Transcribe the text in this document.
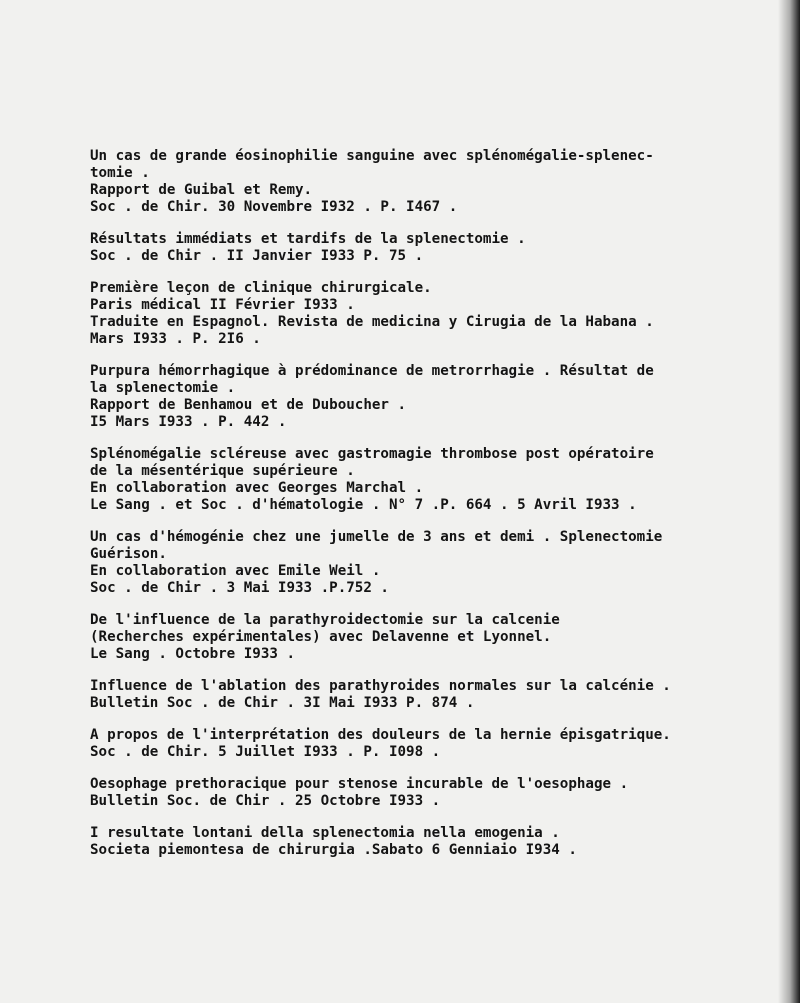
Un cas de grande éosinophilie sanguine avec splénomégalie-splenec-
tomie .
Rapport de Guibal et Remy.
Soc . de Chir. 30 Novembre I932 . P. I467 .
Résultats immédiats et tardifs de la splenectomie .
Soc . de Chir . II Janvier I933 P. 75 .
Première leçon de clinique chirurgicale.
Paris médical II Février I933 .
Traduite en Espagnol. Revista de medicina y Cirugia de la Habana .
Mars I933 . P. 2I6 .
Purpura hémorrhagique à prédominance de metrorrhagie . Résultat de
la splenectomie .
Rapport de Benhamou et de Duboucher .
I5 Mars I933 . P. 442 .
Splénomégalie scléreuse avec gastromagie thrombose post opératoire
de la mésentérique supérieure .
En collaboration avec Georges Marchal .
Le Sang . et Soc . d'hématologie . N° 7 .P. 664 . 5 Avril I933 .
Un cas d'hémogénie chez une jumelle de 3 ans et demi . Splenectomie
Guérison.
En collaboration avec Emile Weil .
Soc . de Chir . 3 Mai I933 .P.752 .
De l'influence de la parathyroidectomie sur la calcenie
(Recherches expérimentales) avec Delavenne et Lyonnel.
Le Sang . Octobre I933 .
Influence de l'ablation des parathyroides normales sur la calcénie .
Bulletin Soc . de Chir . 3I Mai I933 P. 874 .
A propos de l'interprétation des douleurs de la hernie épisgatrique.
Soc . de Chir. 5 Juillet I933 . P. I098 .
Oesophage prethoracique pour stenose incurable de l'oesophage .
Bulletin Soc. de Chir . 25 Octobre I933 .
I resultate lontani della splenectomia nella emogenia .
Societa piemontesa de chirurgia .Sabato 6 Genniaio I934 .
